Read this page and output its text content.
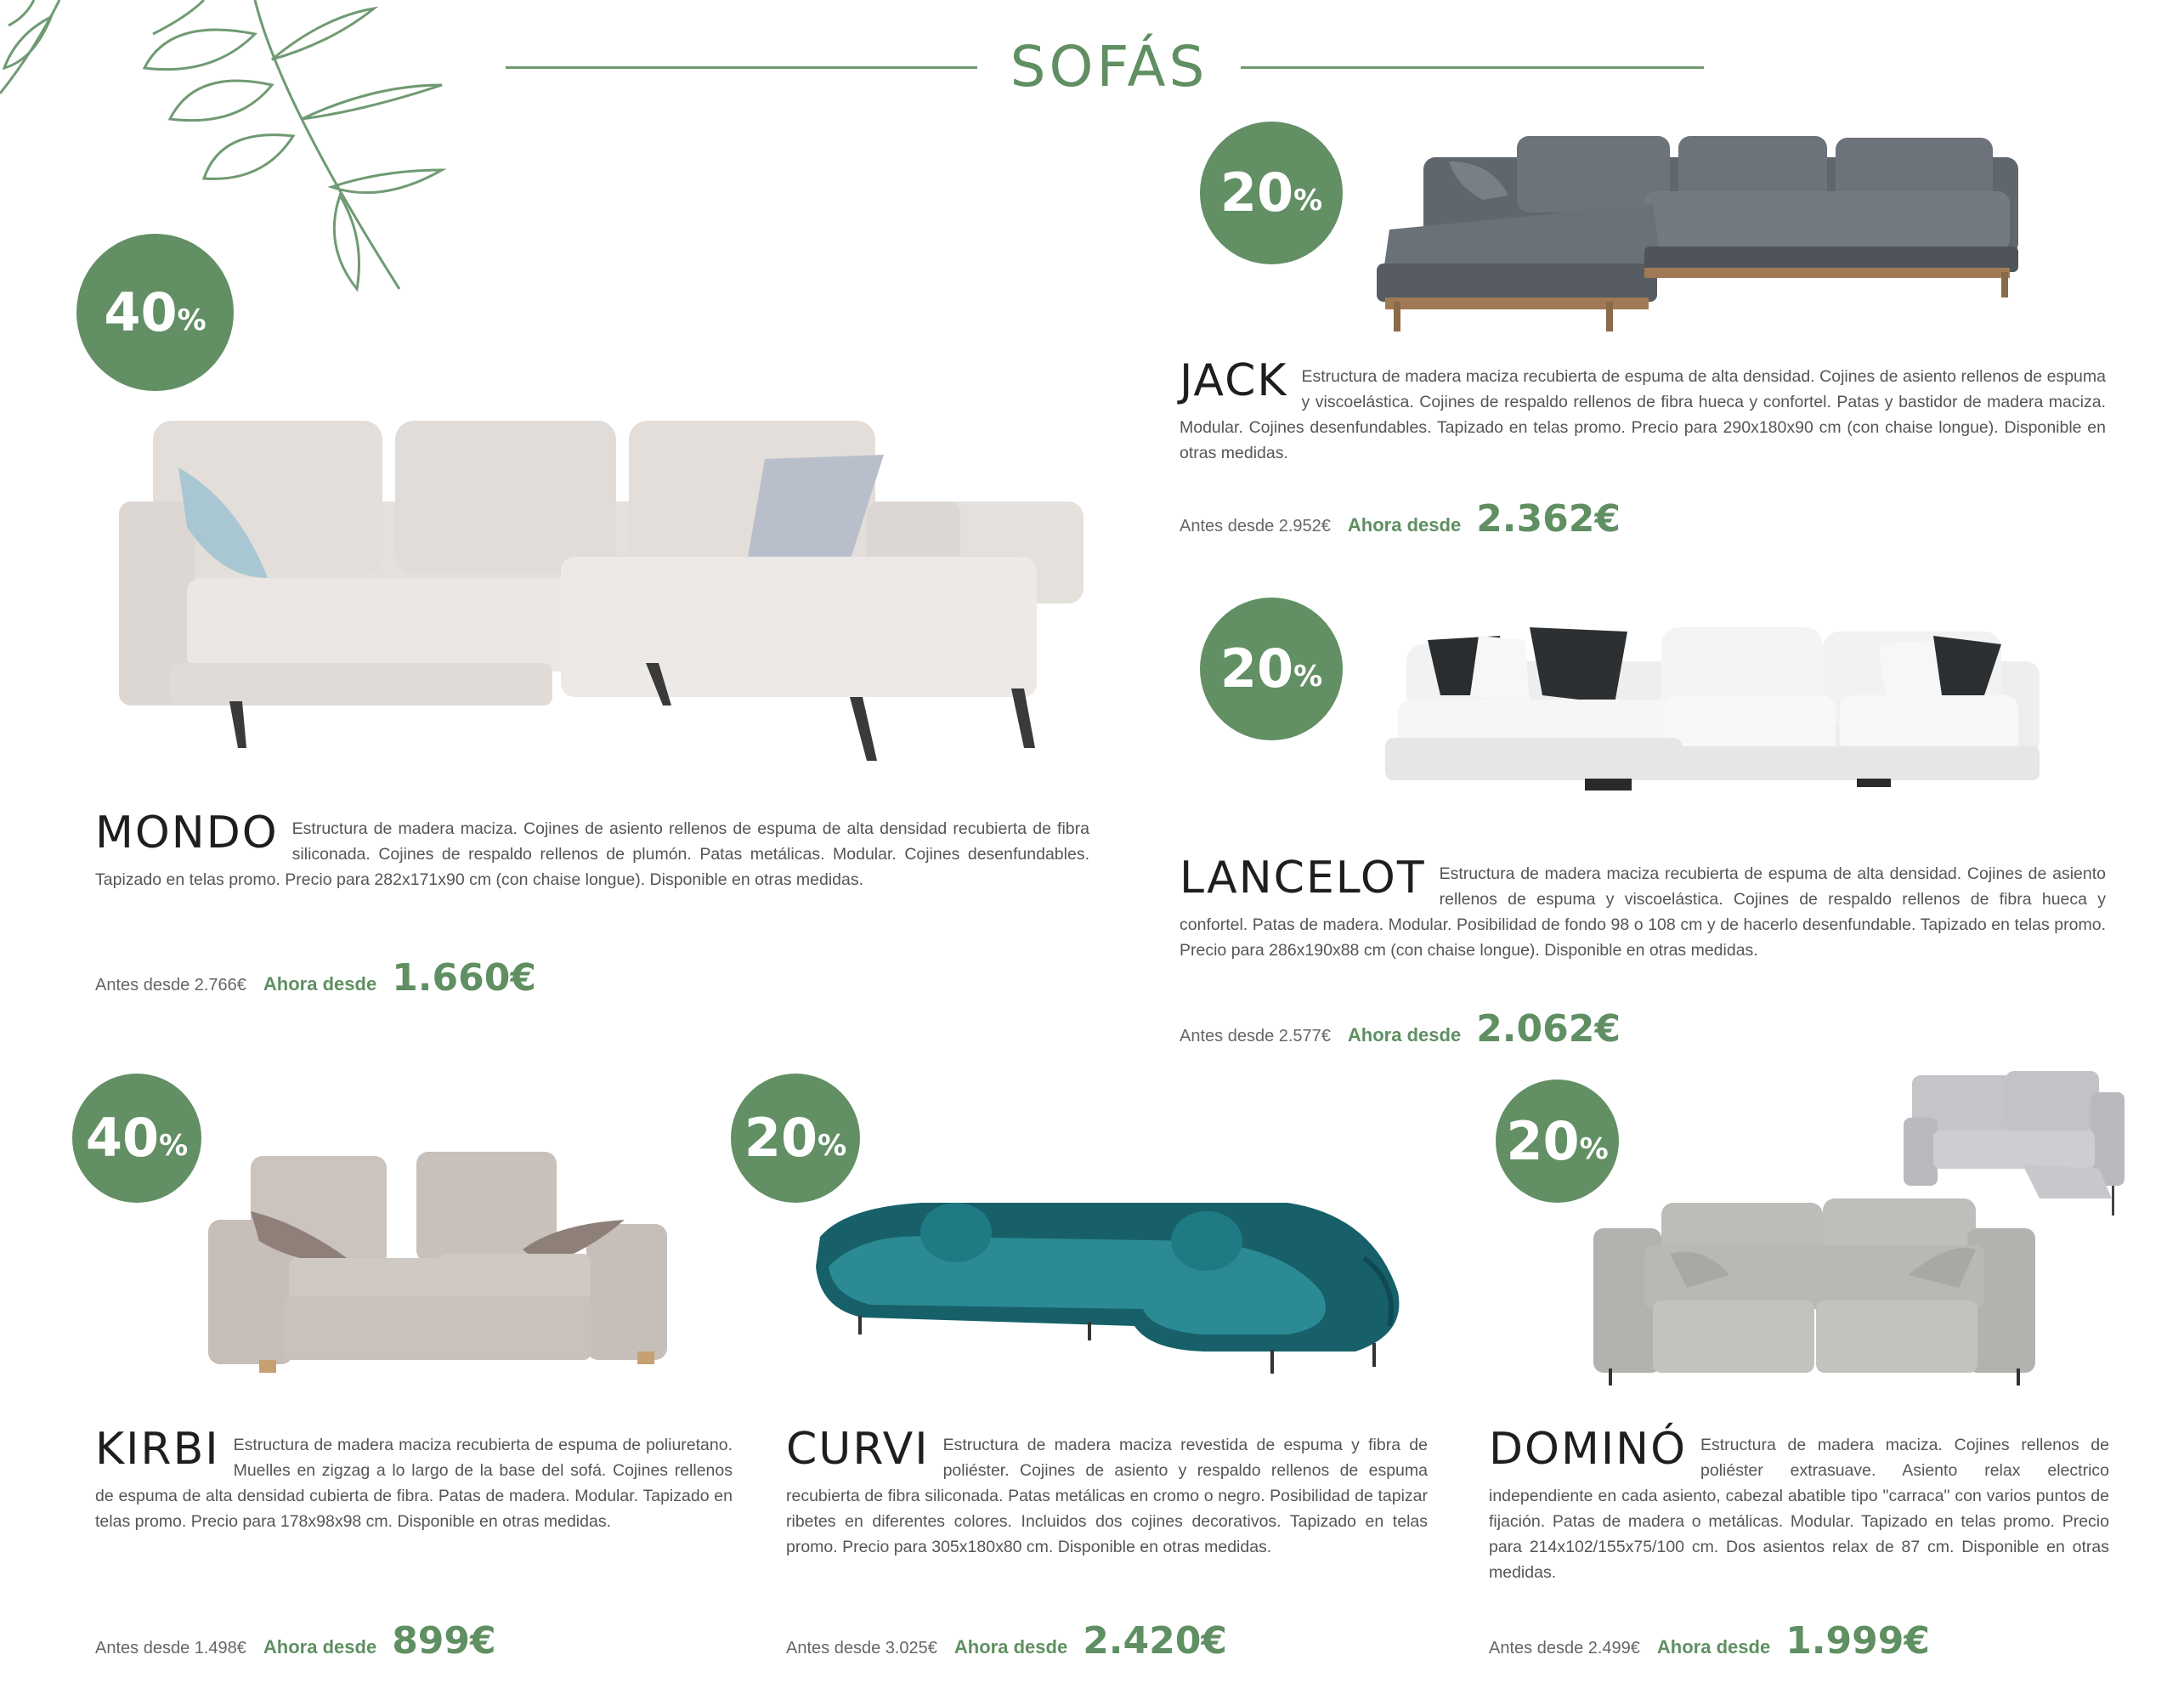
SOFÁS
40 %
MONDO Estructura de madera maciza. Cojines de asiento rellenos de espuma de alta densidad recubierta de fibra siliconada. Cojines de respaldo rellenos de plumón. Patas metálicas. Modular. Cojines desenfundables. Tapizado en telas promo. Precio para 282x171x90 cm (con chaise longue). Disponible en otras medidas.
Antes desde 2.766€ Ahora desde 1.660€
20 %
JACK Estructura de madera maciza recubierta de espuma de alta densidad. Cojines de asiento rellenos de espuma y viscoelástica. Cojines de respaldo rellenos de fibra hueca y confortel. Patas y bastidor de madera maciza. Modular. Cojines desenfundables. Tapizado en telas promo. Precio para 290x180x90 cm (con chaise longue). Disponible en otras medidas.
Antes desde 2.952€ Ahora desde 2.362€
20 %
LANCELOT Estructura de madera maciza recubierta de espuma de alta densidad. Cojines de asiento rellenos de espuma y viscoelástica. Cojines de respaldo rellenos de fibra hueca y confortel. Patas de madera. Modular. Posibilidad de fondo 98 o 108 cm y de hacerlo desenfundable. Tapizado en telas promo. Precio para 286x190x88 cm (con chaise longue). Disponible en otras medidas.
Antes desde 2.577€ Ahora desde 2.062€
40 %
KIRBI Estructura de madera maciza recubierta de espuma de poliuretano. Muelles en zigzag a lo largo de la base del sofá. Cojines rellenos de espuma de alta densidad cubierta de fibra. Patas de madera. Modular. Tapizado en telas promo. Precio para 178x98x98 cm. Disponible en otras medidas.
Antes desde 1.498€ Ahora desde 899€
20 %
CURVI Estructura de madera maciza revestida de espuma y fibra de poliéster. Cojines de asiento y respaldo rellenos de espuma recubierta de fibra siliconada. Patas metálicas en cromo o negro. Posibilidad de tapizar ribetes en diferentes colores. Incluidos dos cojines decorativos. Tapizado en telas promo. Precio para 305x180x80 cm. Disponible en otras medidas.
Antes desde 3.025€ Ahora desde 2.420€
20 %
DOMINÓ Estructura de madera maciza. Cojines rellenos de poliéster extrasuave. Asiento relax electrico independiente en cada asiento, cabezal abatible tipo "carraca" con varios puntos de fijación. Patas de madera o metálicas. Modular. Tapizado en telas promo. Precio para 214x102/155x75/100 cm. Dos asientos relax de 87 cm. Disponible en otras medidas.
Antes desde 2.499€ Ahora desde 1.999€
